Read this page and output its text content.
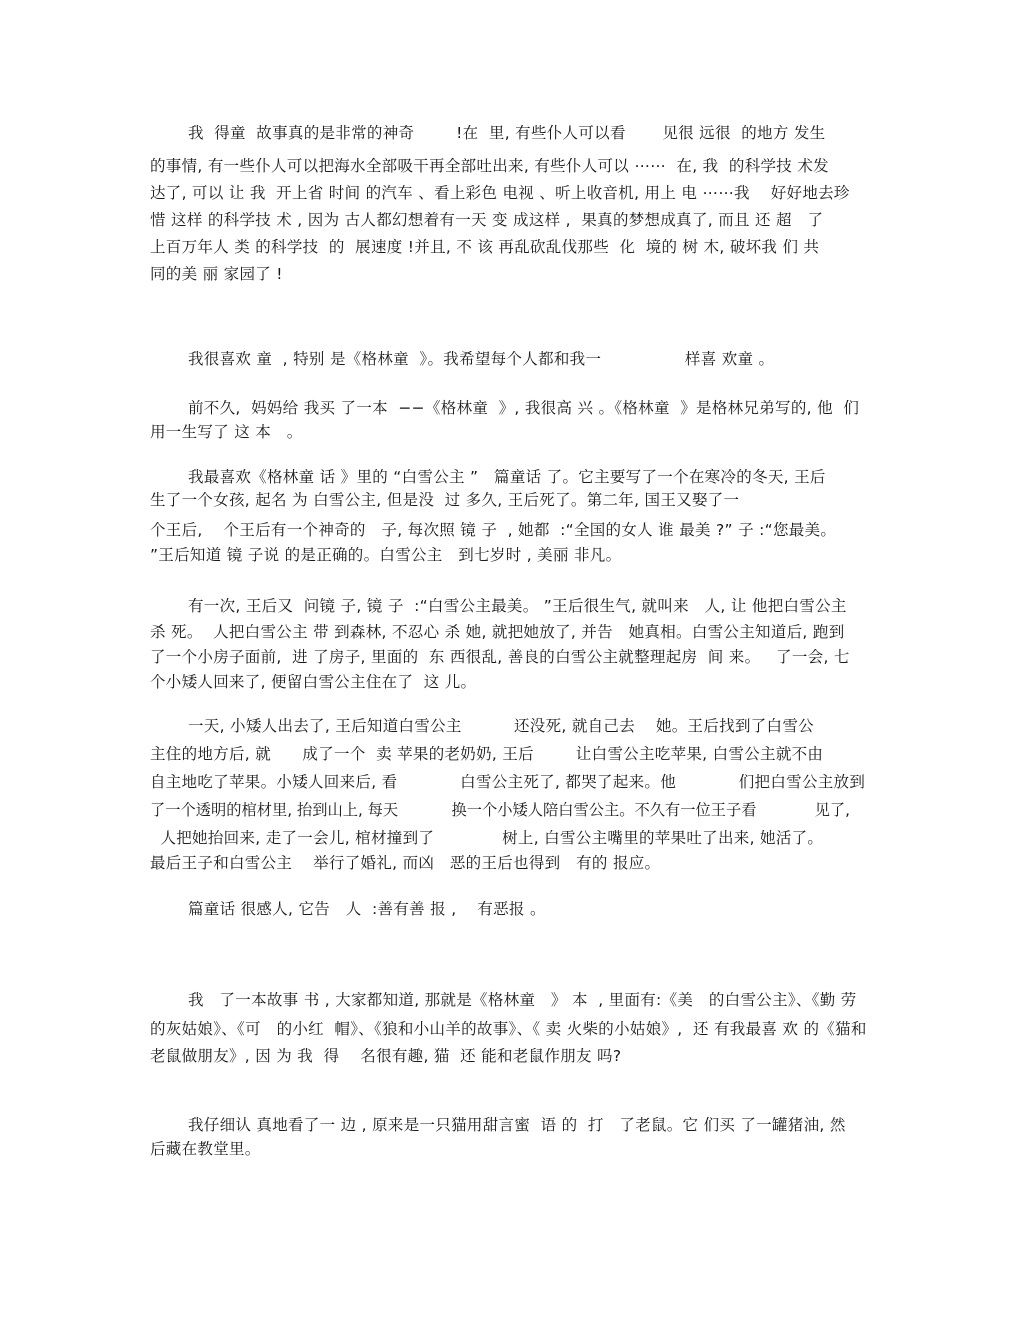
我  得童  故事真的是非常的神奇        !在  里, 有些仆人可以看       见很 远很  的地方 发生
的事情, 有一些仆人可以把海水全部吸干再全部吐出来, 有些仆人可以 ⋯⋯  在, 我  的科学技 术发
达了, 可以 让 我  开上省 时间 的汽车 、看上彩色 电视 、听上收音机, 用上 电 ⋯⋯我    好好地去珍
惜 这样 的科学技 术 , 因为 古人都幻想着有一天 变 成这样 ,  果真的梦想成真了, 而且 还 超   了
上百万年人 类 的科学技  的  展速度 !并且, 不 该 再乱砍乱伐那些  化  境的 树 木, 破坏我 们 共
同的美 丽 家园了 !
我很喜欢 童  , 特别 是《格林童  》。我希望每个人都和我一                样喜 欢童 。
前不久,  妈妈给 我买 了一本  −−《格林童  》, 我很高 兴 。《格林童  》是格林兄弟写的, 他  们
用一生写了 这 本   。
我最喜欢《格林童 话 》里的 “白雪公主 ”   篇童话 了。它主要写了一个在寒冷的冬天, 王后
生了一个女孩, 起名 为 白雪公主, 但是没  过 多久, 王后死了。第二年, 国王又娶了一
个王后,    个王后有一个神奇的   子, 每次照 镜 子  , 她都  :“全国的女人 谁 最美 ?” 子 :“您最美。
”王后知道 镜 子说 的是正确的。白雪公主   到七岁时 , 美丽 非凡。
有一次, 王后又  问镜 子, 镜 子  :“白雪公主最美。 ”王后很生气, 就叫来   人, 让 他把白雪公主
杀 死。  人把白雪公主 带 到森林, 不忍心 杀 她, 就把她放了, 并告   她真相。白雪公主知道后, 跑到
了一个小房子面前,  进 了房子, 里面的  东 西很乱, 善良的白雪公主就整理起房  间 来。   了一会, 七
个小矮人回来了, 便留白雪公主住在了  这 儿。
一天, 小矮人出去了, 王后知道白雪公主          还没死, 就自己去    她。王后找到了白雪公
主住的地方后, 就      成了一个  卖 苹果的老奶奶, 王后        让白雪公主吃苹果, 白雪公主就不由
自主地吃了苹果。小矮人回来后, 看            白雪公主死了, 都哭了起来。他            们把白雪公主放到
了一个透明的棺材里, 抬到山上, 每天           换一个小矮人陪白雪公主。不久有一位王子看            见了,
人把她抬回来, 走了一会儿, 棺材撞到了             树上, 白雪公主嘴里的苹果吐了出来, 她活了。
最后王子和白雪公主    举行了婚礼, 而凶   恶的王后也得到   有的 报应。
篇童话 很感人, 它告   人  :善有善 报 ,    有恶报 。
我   了一本故事 书 , 大家都知道, 那就是《格林童   》 本  , 里面有:《美   的白雪公主》、《勤 劳
的灰姑娘》、《可   的小红  帽》、《狼和小山羊的故事》、《 卖 火柴的小姑娘》,  还 有我最喜 欢 的《猫和
老鼠做朋友》, 因 为 我  得    名很有趣, 猫  还 能和老鼠作朋友 吗?
我仔细认 真地看了一 边 , 原来是一只猫用甜言蜜  语 的  打   了老鼠。它 们买 了一罐猪油, 然
后藏在教堂里。
